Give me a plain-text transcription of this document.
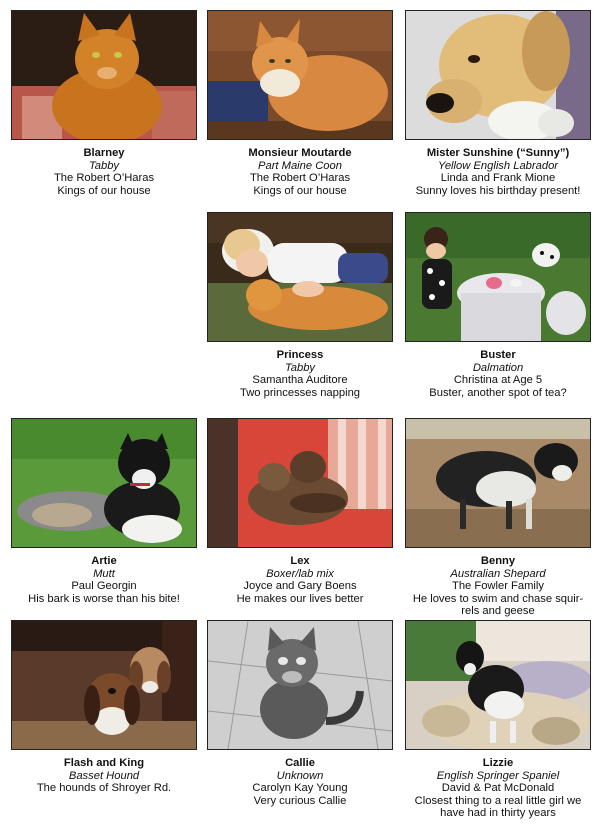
Blarney
Tabby
The Robert O’Haras
Kings of our house
Monsieur Moutarde
Part Maine Coon
The Robert O’Haras
Kings of our house
Mister Sunshine (“Sunny”)
Yellow English Labrador
Linda and Frank Mione
Sunny loves his birthday present!
Princess
Tabby
Samantha Auditore
Two princesses napping
Buster
Dalmation
Christina at Age 5
Buster, another spot of tea?
Artie
Mutt
Paul Georgin
His bark is worse than his bite!
Lex
Boxer/lab mix
Joyce and Gary Boens
He makes our lives better
Benny
Australian Shepard
The Fowler Family
He loves to swim and chase squir-
rels and geese
Flash and King
Basset Hound
The hounds of Shroyer Rd.
Callie
Unknown
Carolyn Kay Young
Very curious Callie
Lizzie
English Springer Spaniel
David & Pat McDonald
Closest thing to a real little girl we
have had in thirty years
